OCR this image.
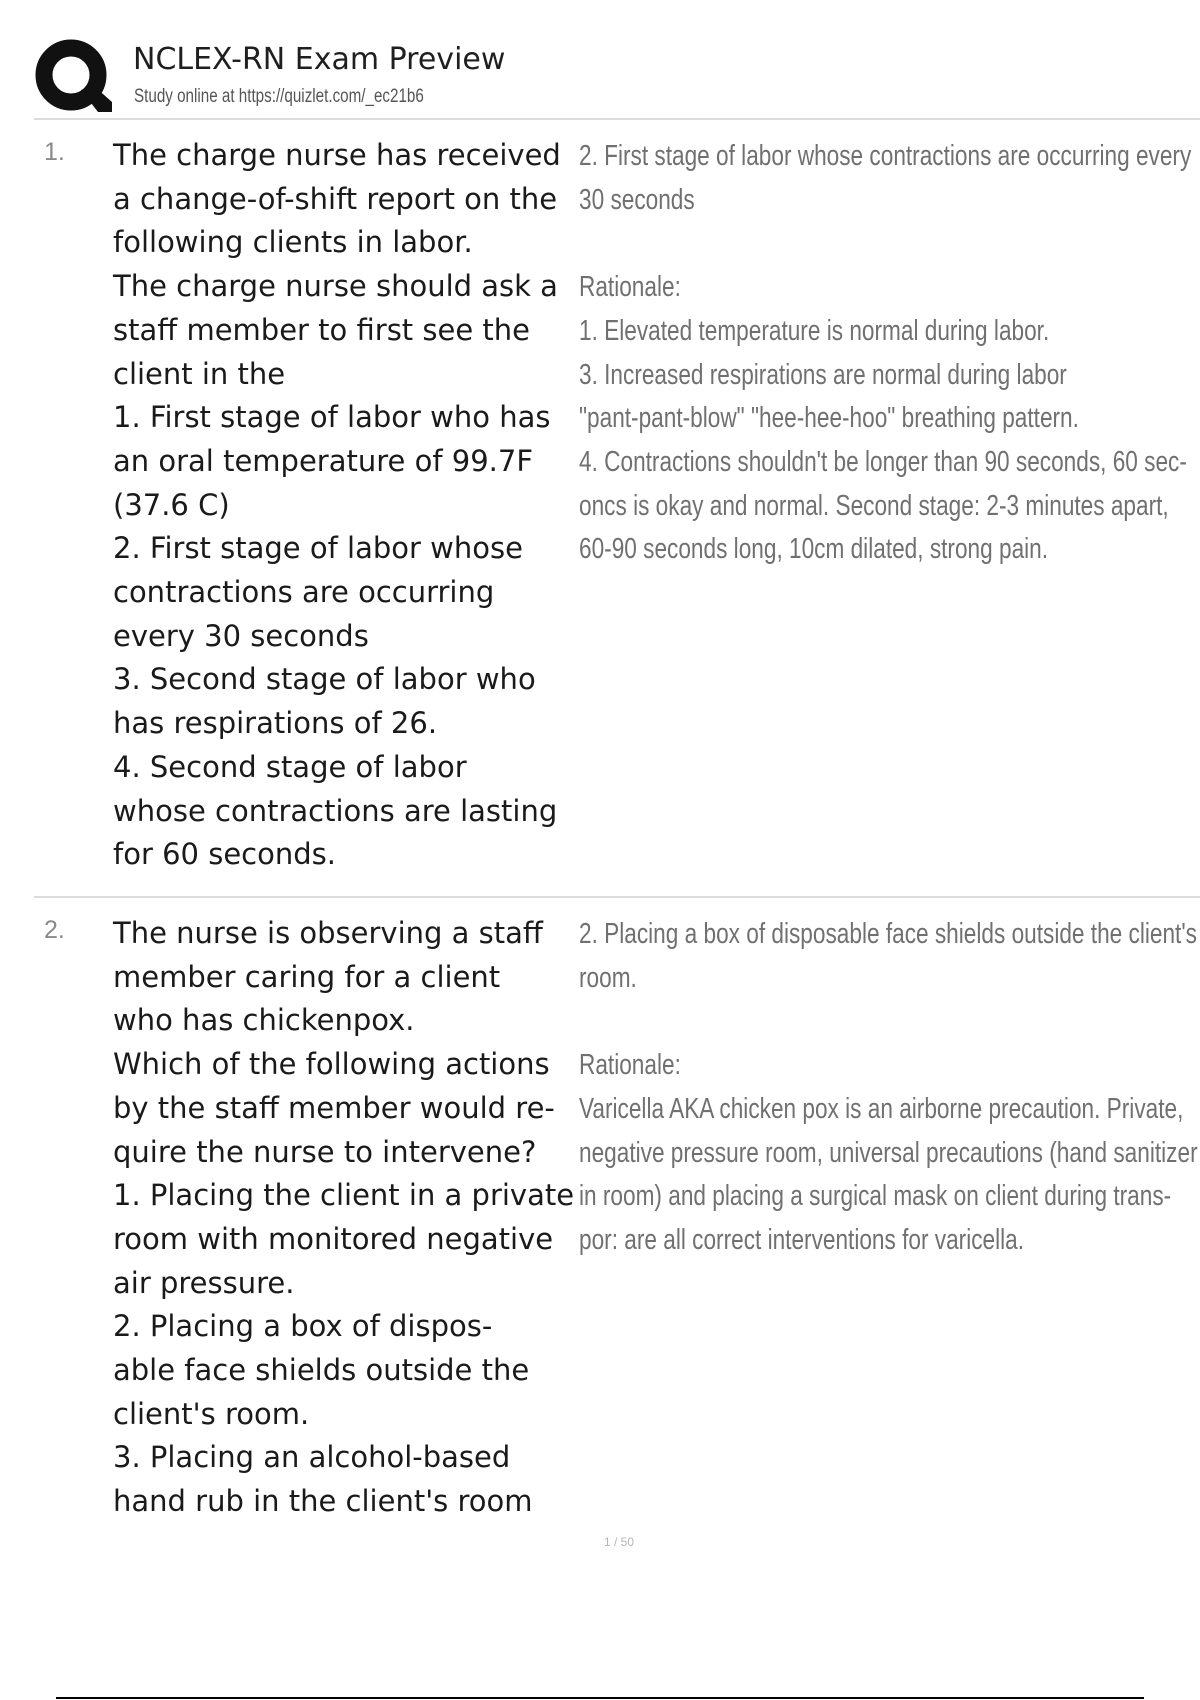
NCLEX-RN Exam Preview
Study online at https://quizlet.com/_ec21b6
1. The charge nurse has received
a change-of-shift report on the
following clients in labor.
The charge nurse should ask a
staff member to first see the
client in the
1. First stage of labor who has
an oral temperature of 99.7F
(37.6 C)
2. First stage of labor whose
contractions are occurring
every 30 seconds
3. Second stage of labor who
has respirations of 26.
4. Second stage of labor
whose contractions are lasting
for 60 seconds.
2. First stage of labor whose contractions are occurring every
30 seconds
Rationale:
1. Elevated temperature is normal during labor.
3. Increased respirations are normal during labor
"pant-pant-blow" "hee-hee-hoo" breathing pattern.
4. Contractions shouldn't be longer than 90 seconds, 60 sec-
oncs is okay and normal. Second stage: 2-3 minutes apart,
60-90 seconds long, 10cm dilated, strong pain.
2. The nurse is observing a staff
member caring for a client
who has chickenpox.
Which of the following actions
by the staff member would re-
quire the nurse to intervene?
1. Placing the client in a private
room with monitored negative
air pressure.
2. Placing a box of dispos-
able face shields outside the
client's room.
3. Placing an alcohol-based
hand rub in the client's room
2. Placing a box of disposable face shields outside the client's
room.
Rationale:
Varicella AKA chicken pox is an airborne precaution. Private,
negative pressure room, universal precautions (hand sanitizer
in room) and placing a surgical mask on client during trans-
por: are all correct interventions for varicella.
1 / 50
